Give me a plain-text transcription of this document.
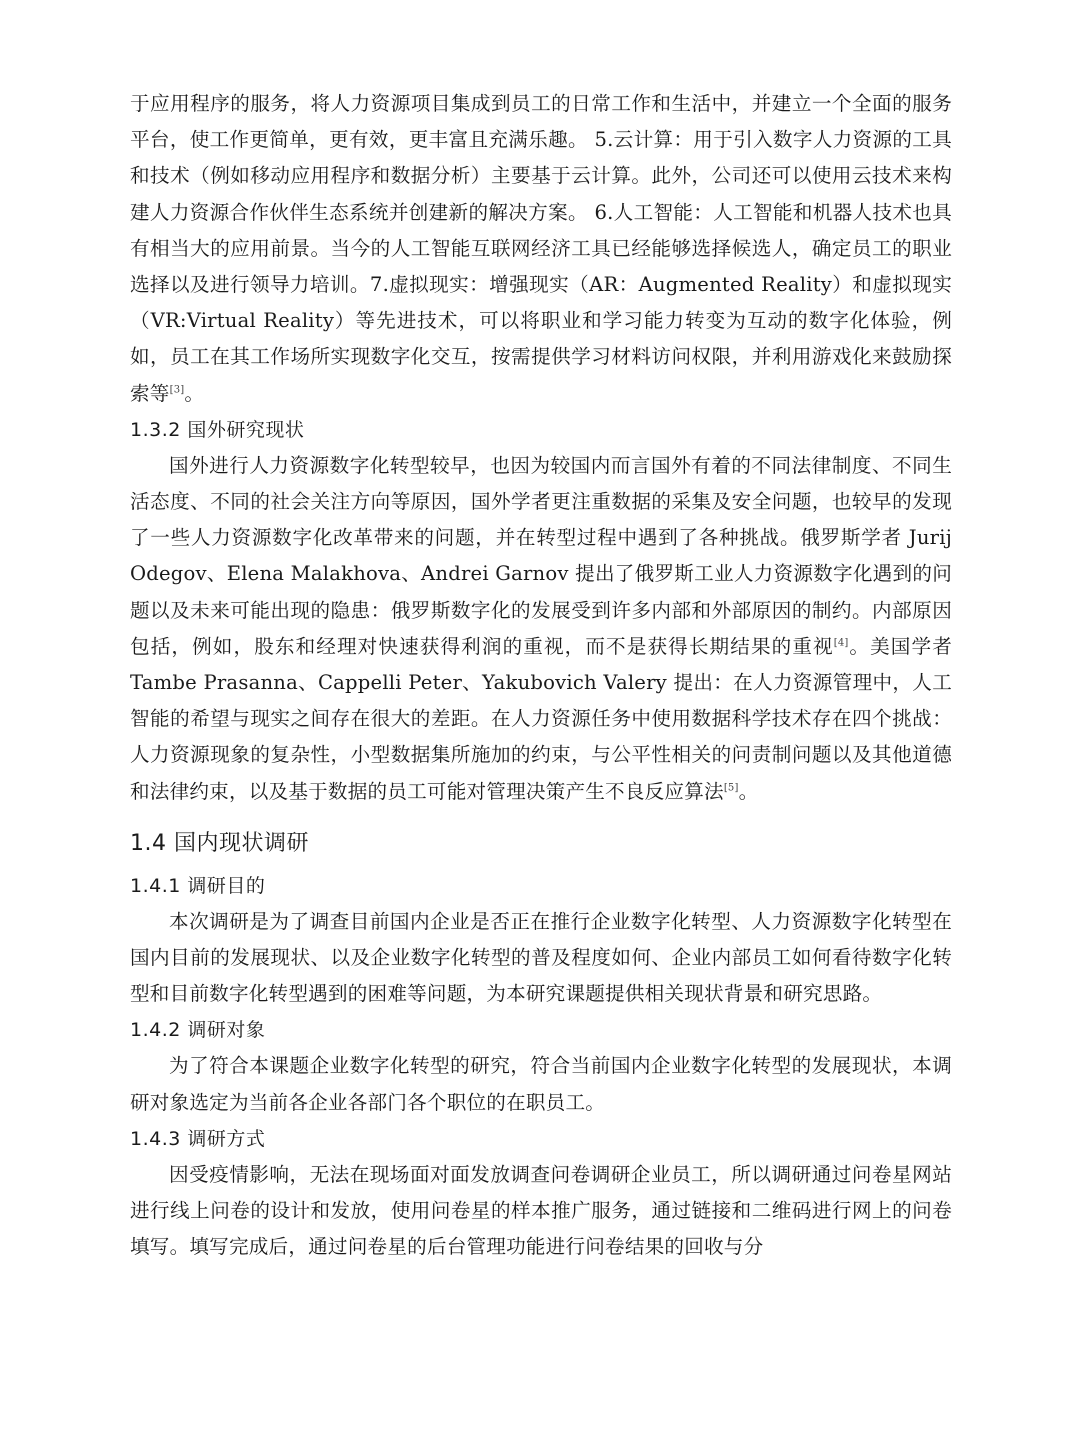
于应用程序的服务，将人力资源项目集成到员工的日常工作和生活中，并建立一个全面的服务平台，使工作更简单，更有效，更丰富且充满乐趣。 5.云计算：用于引入数字人力资源的工具和技术（例如移动应用程序和数据分析）主要基于云计算。此外，公司还可以使用云技术来构建人力资源合作伙伴生态系统并创建新的解决方案。 6.人工智能：人工智能和机器人技术也具有相当大的应用前景。当今的人工智能互联网经济工具已经能够选择候选人，确定员工的职业选择以及进行领导力培训。7.虚拟现实：增强现实（AR：Augmented Reality）和虚拟现实（VR:Virtual Reality）等先进技术，可以将职业和学习能力转变为互动的数字化体验，例如，员工在其工作场所实现数字化交互，按需提供学习材料访问权限，并利用游戏化来鼓励探索等[3]。

1.3.2 国外研究现状

国外进行人力资源数字化转型较早，也因为较国内而言国外有着的不同法律制度、不同生活态度、不同的社会关注方向等原因，国外学者更注重数据的采集及安全问题，也较早的发现了一些人力资源数字化改革带来的问题，并在转型过程中遇到了各种挑战。俄罗斯学者 Jurij Odegov、Elena Malakhova、Andrei Garnov 提出了俄罗斯工业人力资源数字化遇到的问题以及未来可能出现的隐患：俄罗斯数字化的发展受到许多内部和外部原因的制约。内部原因包括，例如，股东和经理对快速获得利润的重视，而不是获得长期结果的重视[4]。美国学者 Tambe Prasanna、Cappelli Peter、Yakubovich Valery 提出：在人力资源管理中，人工智能的希望与现实之间存在很大的差距。在人力资源任务中使用数据科学技术存在四个挑战：人力资源现象的复杂性，小型数据集所施加的约束，与公平性相关的问责制问题以及其他道德和法律约束，以及基于数据的员工可能对管理决策产生不良反应算法[5]。

1.4 国内现状调研
1.4.1 调研目的

本次调研是为了调查目前国内企业是否正在推行企业数字化转型、人力资源数字化转型在国内目前的发展现状、以及企业数字化转型的普及程度如何、企业内部员工如何看待数字化转型和目前数字化转型遇到的困难等问题，为本研究课题提供相关现状背景和研究思路。

1.4.2 调研对象

为了符合本课题企业数字化转型的研究，符合当前国内企业数字化转型的发展现状，本调研对象选定为当前各企业各部门各个职位的在职员工。

1.4.3 调研方式

因受疫情影响，无法在现场面对面发放调查问卷调研企业员工，所以调研通过问卷星网站进行线上问卷的设计和发放，使用问卷星的样本推广服务，通过链接和二维码进行网上的问卷填写。填写完成后，通过问卷星的后台管理功能进行问卷结果的回收与分
